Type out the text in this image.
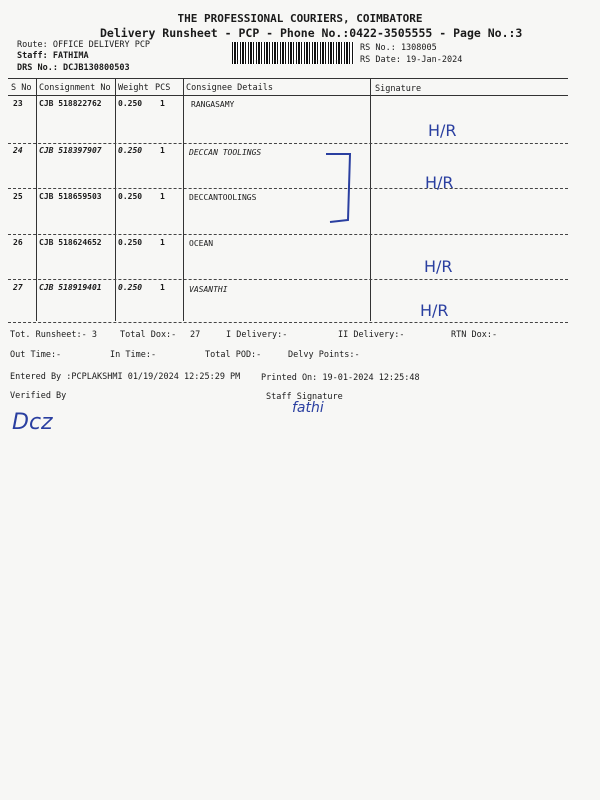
THE PROFESSIONAL COURIERS, COIMBATORE
Delivery Runsheet - PCP - Phone No.:0422-3505555 - Page No.:3
Route: OFFICE DELIVERY PCP
Staff: FATHIMA
DRS No.: DCJB130800503
RS No.: 1308005
RS Date: 19-Jan-2024
S No Consignment No Weight PCS Consignee Details	Signature
23 CJB 518822762 0.250 1	RANGASAMY
H/R
24 CJB 518397907 0.250 1	DECCAN TOOLINGS
H/R
25 CJB 518659503 0.250 1	DECCANTOOLINGS
26 CJB 518624652 0.250 1	OCEAN
H/R
27 CJB 518919401 0.250 1	VASANTHI
H/R
Tot. Runsheet:- 3	Total Dox:- 27	I Delivery:-	II Delivery:-	RTN Dox:-
Out Time:-	In Time:-	Total POD:-	Delvy Points:-
Entered By :PCPLAKSHMI 01/19/2024 12:25:29 PM Printed On: 19-01-2024 12:25:48
Verified By	Staff Signature
Dcz
fathi
